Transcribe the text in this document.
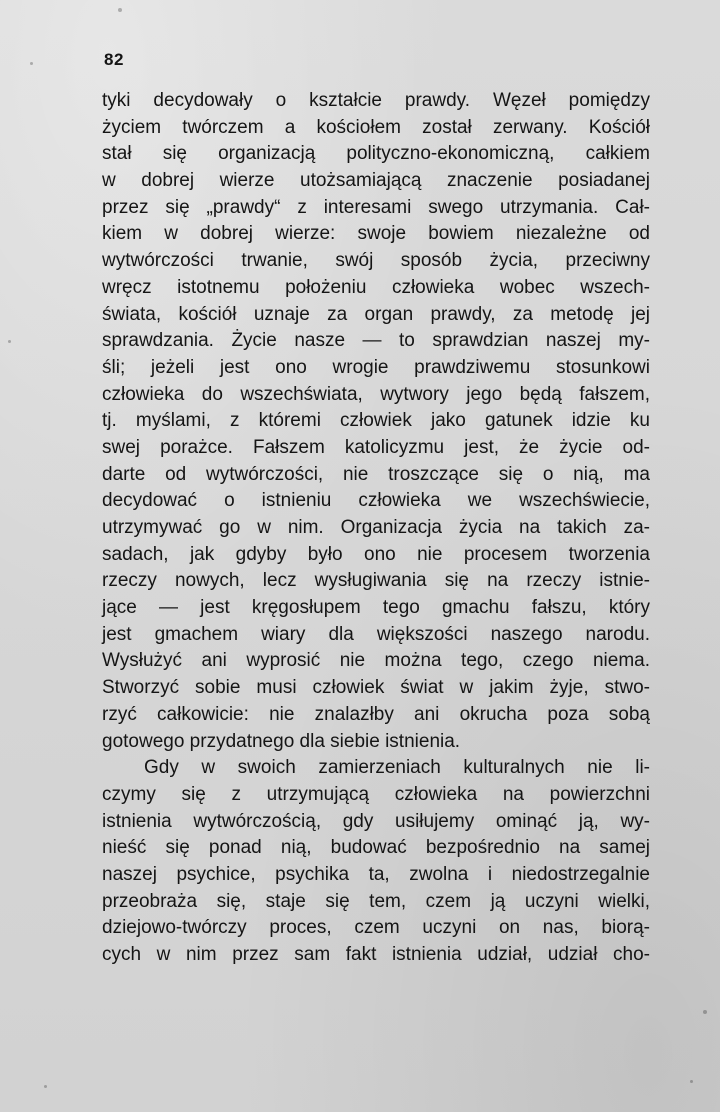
82
tyki decydowały o kształcie prawdy. Węzeł pomiędzy
życiem twórczem a kościołem został zerwany. Kościół
stał się organizacją polityczno-ekonomiczną, całkiem
w dobrej wierze utożsamiającą znaczenie posiadanej
przez się „prawdy“ z interesami swego utrzymania. Cał-
kiem w dobrej wierze: swoje bowiem niezależne od
wytwórczości trwanie, swój sposób życia, przeciwny
wręcz istotnemu położeniu człowieka wobec wszech-
świata, kościół uznaje za organ prawdy, za metodę jej
sprawdzania. Życie nasze — to sprawdzian naszej my-
śli; jeżeli jest ono wrogie prawdziwemu stosunkowi
człowieka do wszechświata, wytwory jego będą fałszem,
tj. myślami, z któremi człowiek jako gatunek idzie ku
swej porażce. Fałszem katolicyzmu jest, że życie od-
darte od wytwórczości, nie troszczące się o nią, ma
decydować o istnieniu człowieka we wszechświecie,
utrzymywać go w nim. Organizacja życia na takich za-
sadach, jak gdyby było ono nie procesem tworzenia
rzeczy nowych, lecz wysługiwania się na rzeczy istnie-
jące — jest kręgosłupem tego gmachu fałszu, który
jest gmachem wiary dla większości naszego narodu.
Wysłużyć ani wyprosić nie można tego, czego niema.
Stworzyć sobie musi człowiek świat w jakim żyje, stwo-
rzyć całkowicie: nie znalazłby ani okrucha poza sobą
gotowego przydatnego dla siebie istnienia.
Gdy w swoich zamierzeniach kulturalnych nie li-
czymy się z utrzymującą człowieka na powierzchni
istnienia wytwórczością, gdy usiłujemy ominąć ją, wy-
nieść się ponad nią, budować bezpośrednio na samej
naszej psychice, psychika ta, zwolna i niedostrzegalnie
przeobraża się, staje się tem, czem ją uczyni wielki,
dziejowo-twórczy proces, czem uczyni on nas, biorą-
cych w nim przez sam fakt istnienia udział, udział cho-
